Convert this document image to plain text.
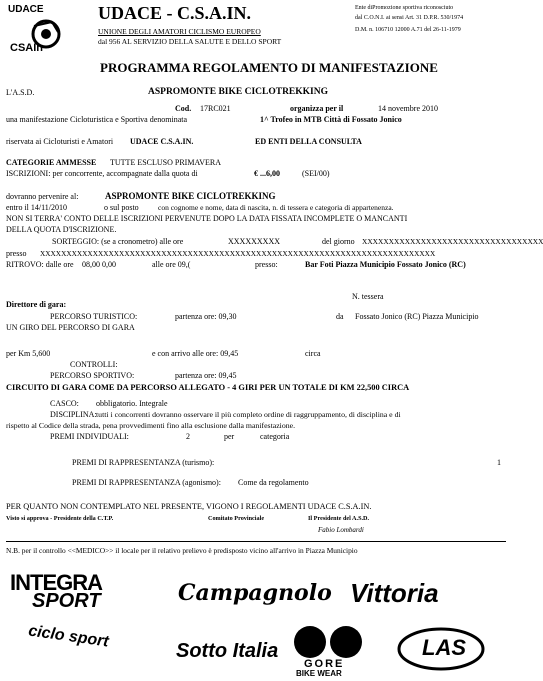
UDACE
CSAIn
UDACE - C.S.A.IN.
UNIONE DEGLI AMATORI CICLISMO EUROPEO
dal 956 AL SERVIZIO DELLA SALUTE E DELLO SPORT
Ente diPromozione sportiva riconosciuto
dal C.O.N.I. ai sensi Art. 31 D.P.R. 530/1974
D.M. n. 106710 12000 A.71 del 26-11-1979
PROGRAMMA REGOLAMENTO DI MANIFESTAZIONE
L'A.S.D.	ASPROMONTE BIKE CICLOTREKKING
Cod. 17RC021	organizza per il	14 novembre 2010
una manifestazione Cicloturistica e Sportiva denominata	1^ Trofeo in MTB Città di Fossato Jonico
riservata ai Cicloturisti e Amatori UDACE C.S.A.IN.	ED ENTI DELLA CONSULTA
CATEGORIE AMMESSE TUTTE ESCLUSO PRIMAVERA
ISCRIZIONI: per concorrente, accompagnate dalla quota di	€ ...6,00	(SEI/00)
dovranno pervenire al:	ASPROMONTE BIKE CICLOTREKKING
entro il 14/11/2010	o sul posto	con cognome e nome, data di nascita, n. di tessera e categoria di appartenenza.
NON SI TERRA' CONTO DELLE ISCRIZIONI PERVENUTE DOPO LA DATA FISSATA INCOMPLETE O MANCANTI
DELLA QUOTA D'ISCRIZIONE.
SORTEGGIO: (se a cronometro) alle ore	XXXXXXXXX	del giorno XXXXXXXXXXXXXXXXXXXXXXXXXXXXXXXXXX
presso XXXXXXXXXXXXXXXXXXXXXXXXXXXXXXXXXXXXXXXXXXXXXXXXXXXXXXXXXXXXXXXXXXXXXXXXXXX
RITROVO: dalle ore 08,00 0,00	alle ore 09,(	presso:	Bar Foti Piazza Municipio Fossato Jonico (RC)
Direttore di gara:
N. tessera
PERCORSO TURISTICO:	partenza ore: 09,30	da Fossato Jonico (RC) Piazza Municipio
UN GIRO DEL PERCORSO DI GARA
per Km 5,600	e con arrivo alle ore: 09,45	circa
CONTROLLI:
PERCORSO SPORTIVO:	partenza ore: 09,45
CIRCUITO DI GARA COME DA PERCORSO ALLEGATO - 4 GIRI PER UN TOTALE DI KM 22,500 CIRCA
CASCO: obbligatorio. Integrale
DISCIPLINA: tutti i concorrenti dovranno osservare il più completo ordine di raggruppamento, di disciplina e di
rispetto al Codice della strada, pena provvedimenti fino alla esclusione dalla manifestazione.
PREMI INDIVIDUALI:	2	per	categoria
PREMI DI RAPPRESENTANZA (turismo):	1
PREMI DI RAPPRESENTANZA (agonismo): Come da regolamento
PER QUANTO NON CONTEMPLATO NEL PRESENTE, VIGONO I REGOLAMENTI UDACE C.S.A.IN.
Visto si approva - Presidente della C.T.P.	Comitato Provinciale	Il Presidente del A.S.D.
Fabio Lombardi
N.B. per il controllo <<MEDICO>> il locale per il relativo prelievo è predisposto vicino all'arrivo in Piazza Municipio
INTEGRA
SPORT	Campagnolo Vittoria
ciclo sport
Sotto Italia
GORE
BIKE WEAR
LAS
